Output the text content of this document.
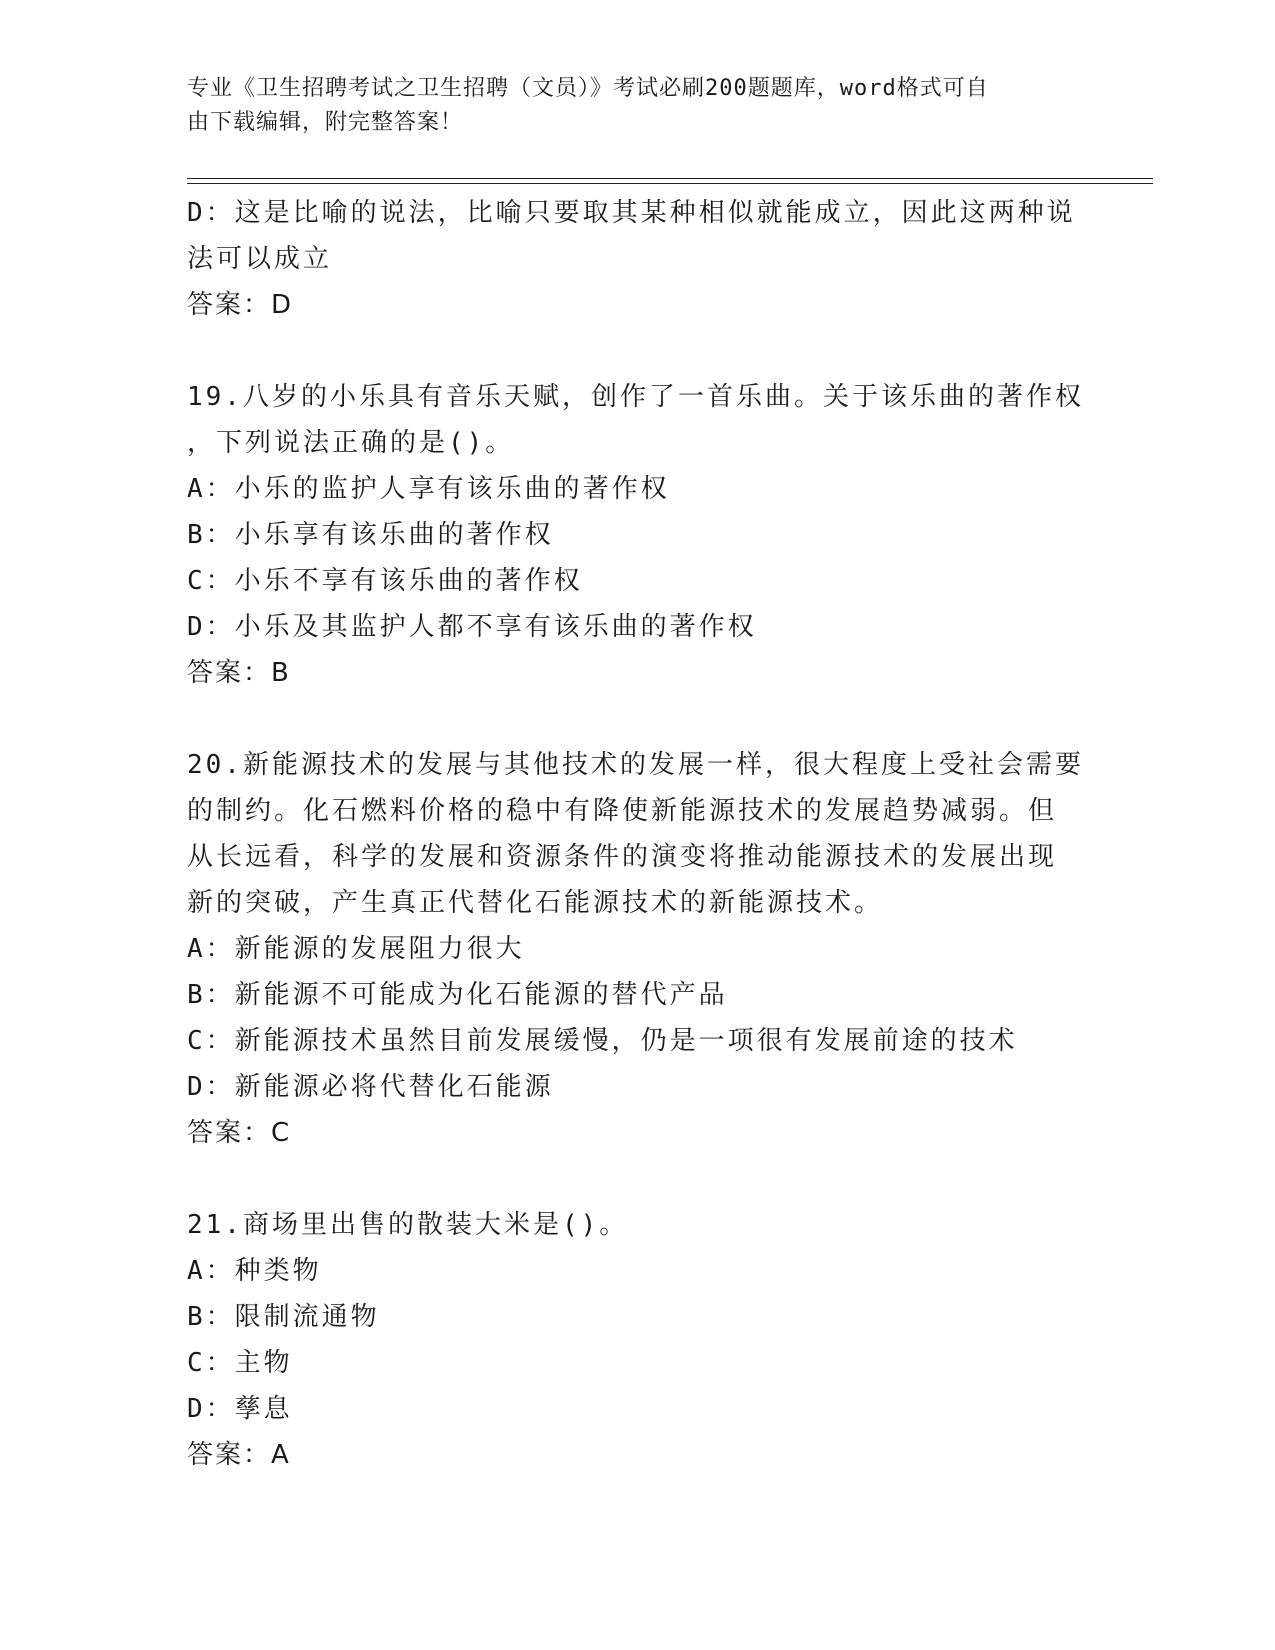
专业《卫生招聘考试之卫生招聘（文员）》考试必刷200题题库，word格式可自
由下载编辑，附完整答案！
D：这是比喻的说法，比喻只要取其某种相似就能成立，因此这两种说
法可以成立
答案：D
19.八岁的小乐具有音乐天赋，创作了一首乐曲。关于该乐曲的著作权
，下列说法正确的是()。
A：小乐的监护人享有该乐曲的著作权
B：小乐享有该乐曲的著作权
C：小乐不享有该乐曲的著作权
D：小乐及其监护人都不享有该乐曲的著作权
答案：B
20.新能源技术的发展与其他技术的发展一样，很大程度上受社会需要
的制约。化石燃料价格的稳中有降使新能源技术的发展趋势减弱。但
从长远看，科学的发展和资源条件的演变将推动能源技术的发展出现
新的突破，产生真正代替化石能源技术的新能源技术。
A：新能源的发展阻力很大
B：新能源不可能成为化石能源的替代产品
C：新能源技术虽然目前发展缓慢，仍是一项很有发展前途的技术
D：新能源必将代替化石能源
答案：C
21.商场里出售的散装大米是()。
A：种类物
B：限制流通物
C：主物
D：孳息
答案：A
